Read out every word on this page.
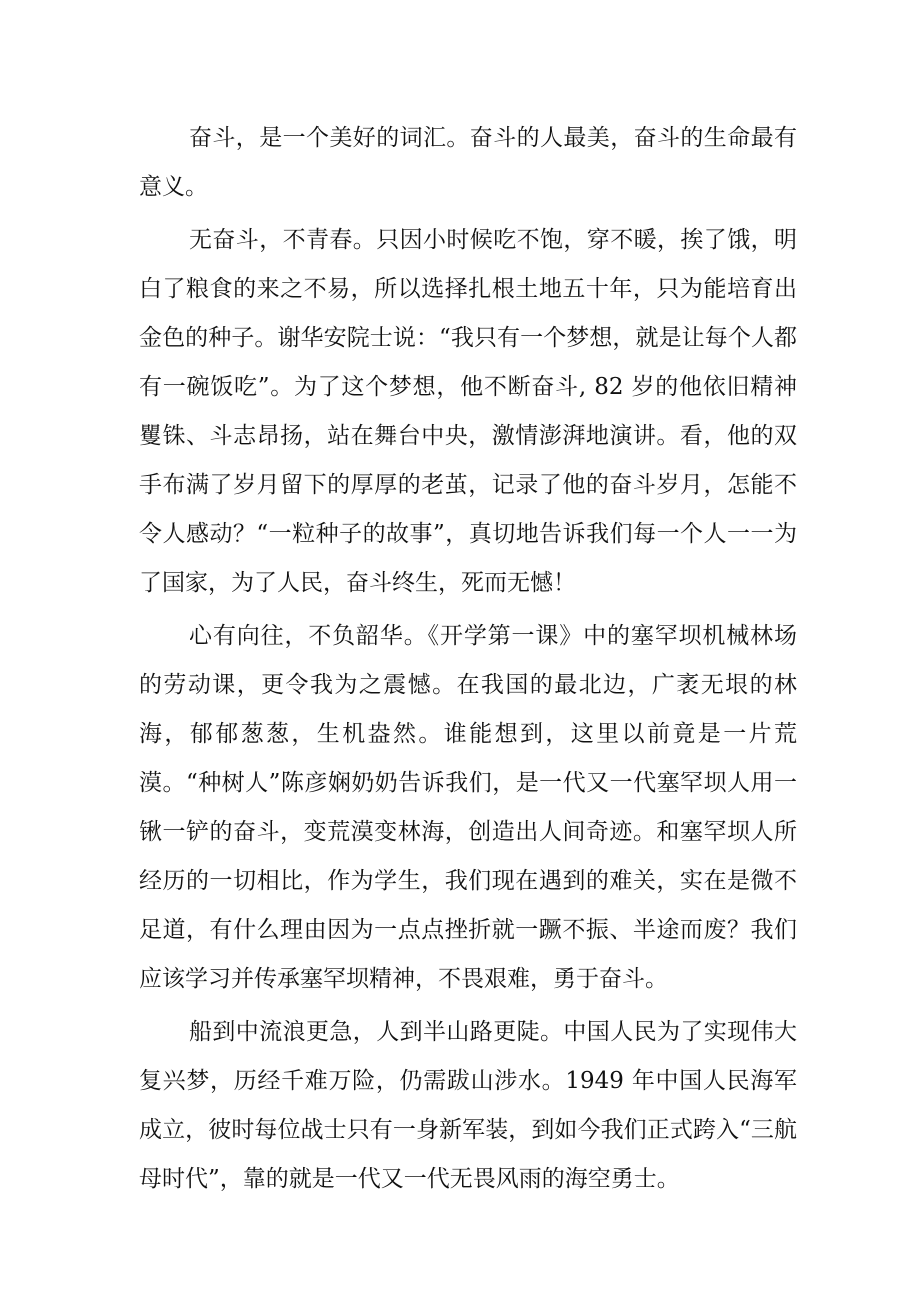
奋斗，是一个美好的词汇。奋斗的人最美，奋斗的生命最有意义。

无奋斗，不青春。只因小时候吃不饱，穿不暖，挨了饿，明白了粮食的来之不易，所以选择扎根土地五十年，只为能培育出金色的种子。谢华安院士说：“我只有一个梦想，就是让每个人都有一碗饭吃”。为了这个梦想，他不断奋斗, 82 岁的他依旧精神矍铢、斗志昂扬，站在舞台中央，激情澎湃地演讲。看，他的双手布满了岁月留下的厚厚的老茧，记录了他的奋斗岁月，怎能不令人感动？“一粒种子的故事”，真切地告诉我们每一个人一一为了国家，为了人民，奋斗终生，死而无憾！

心有向往，不负韶华。《开学第一课》中的塞罕坝机械林场的劳动课，更令我为之震憾。在我国的最北边，广袤无垠的林海，郁郁葱葱，生机盎然。谁能想到，这里以前竟是一片荒漠。“种树人”陈彦娴奶奶告诉我们，是一代又一代塞罕坝人用一锹一铲的奋斗，变荒漠变林海，创造出人间奇迹。和塞罕坝人所经历的一切相比，作为学生，我们现在遇到的难关，实在是微不足道，有什么理由因为一点点挫折就一蹶不振、半途而废？我们应该学习并传承塞罕坝精神，不畏艰难，勇于奋斗。

船到中流浪更急，人到半山路更陡。中国人民为了实现伟大复兴梦，历经千难万险，仍需跋山涉水。1949 年中国人民海军成立，彼时每位战士只有一身新军装，到如今我们正式跨入“三航母时代”，靠的就是一代又一代无畏风雨的海空勇士。
